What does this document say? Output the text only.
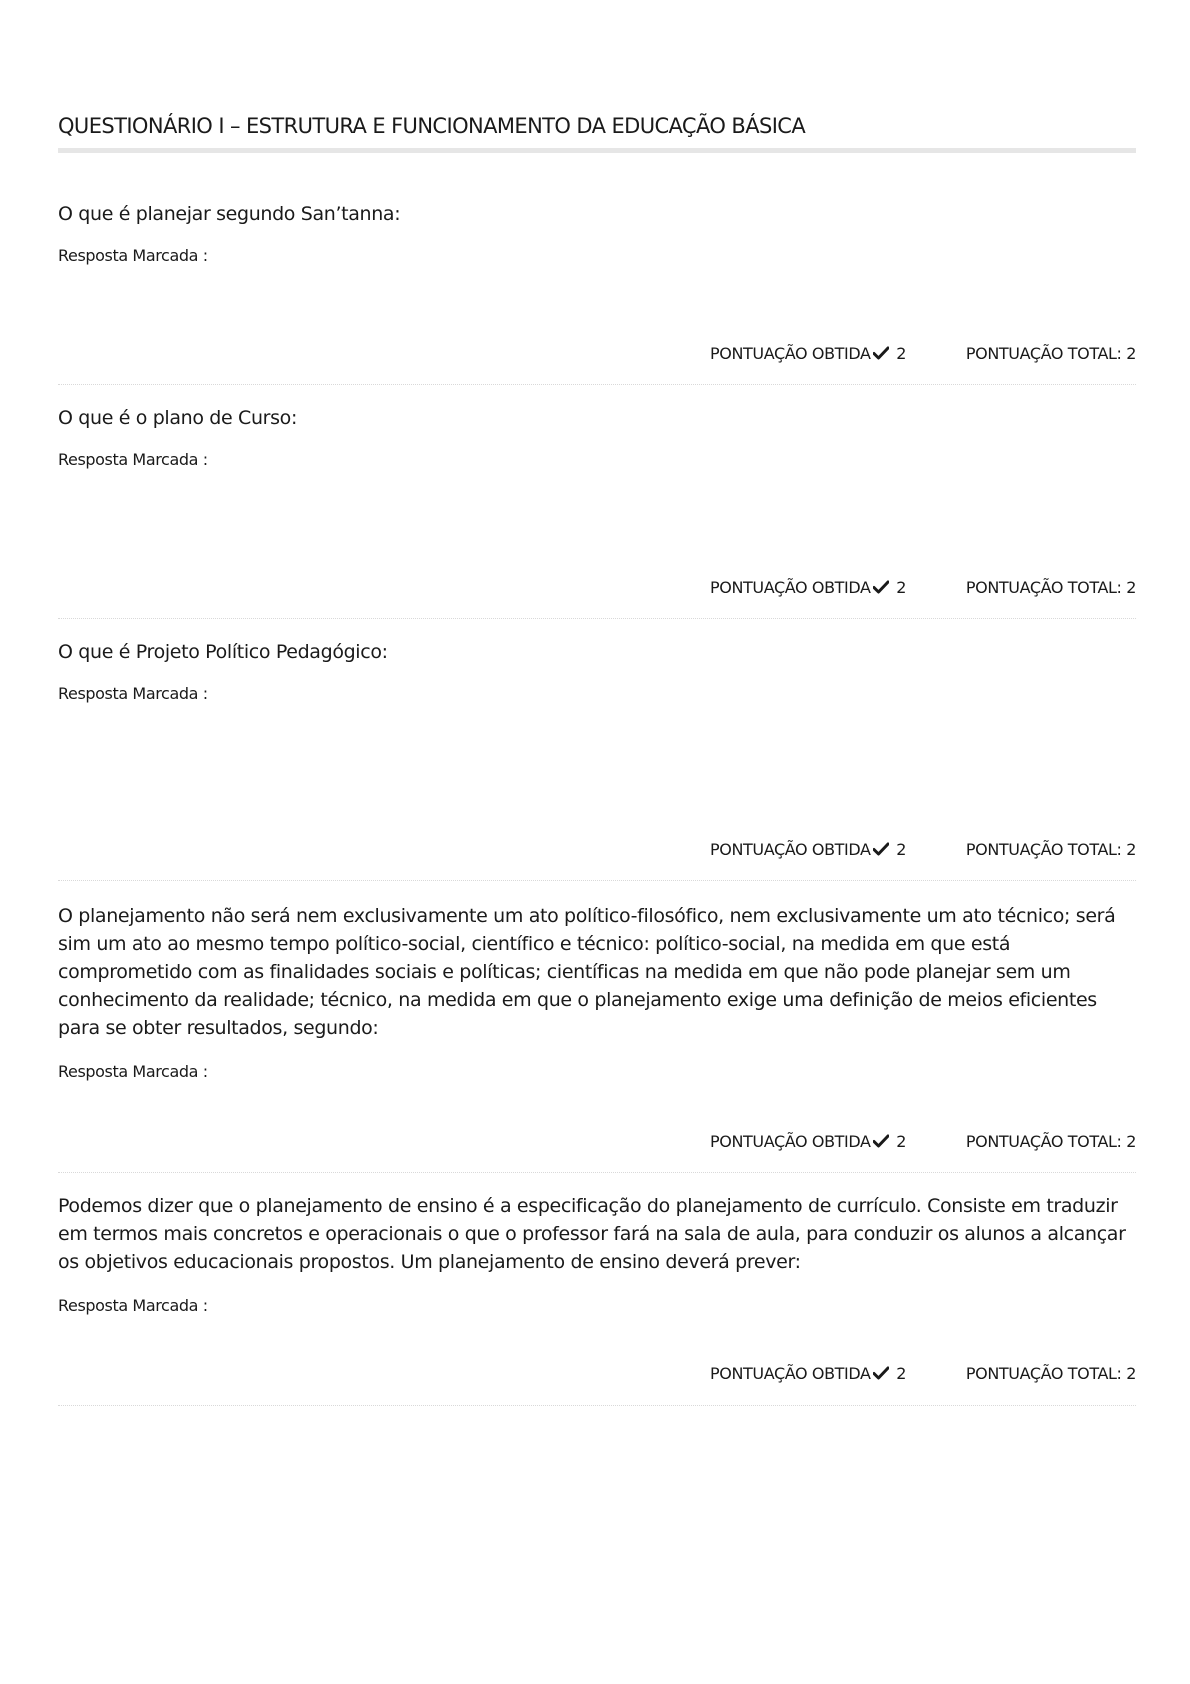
QUESTIONÁRIO I – ESTRUTURA E FUNCIONAMENTO DA EDUCAÇÃO BÁSICA

O que é planejar segundo San’tanna:

Resposta Marcada :
PONTUAÇÃO OBTIDA 2	PONTUAÇÃO TOTAL: 2

O que é o plano de Curso:

Resposta Marcada :
PONTUAÇÃO OBTIDA 2	PONTUAÇÃO TOTAL: 2

O que é Projeto Político Pedagógico:

Resposta Marcada :
PONTUAÇÃO OBTIDA 2	PONTUAÇÃO TOTAL: 2

O planejamento não será nem exclusivamente um ato político-filosófico, nem exclusivamente um ato técnico; será sim um ato ao mesmo tempo político-social, científico e técnico: político-social, na medida em que está comprometido com as finalidades sociais e políticas; científicas na medida em que não pode planejar sem um conhecimento da realidade; técnico, na medida em que o planejamento exige uma definição de meios eficientes para se obter resultados, segundo:

Resposta Marcada :
PONTUAÇÃO OBTIDA 2	PONTUAÇÃO TOTAL: 2

Podemos dizer que o planejamento de ensino é a especificação do planejamento de currículo. Consiste em traduzir em termos mais concretos e operacionais o que o professor fará na sala de aula, para conduzir os alunos a alcançar os objetivos educacionais propostos. Um planejamento de ensino deverá prever:

Resposta Marcada :
PONTUAÇÃO OBTIDA 2	PONTUAÇÃO TOTAL: 2
